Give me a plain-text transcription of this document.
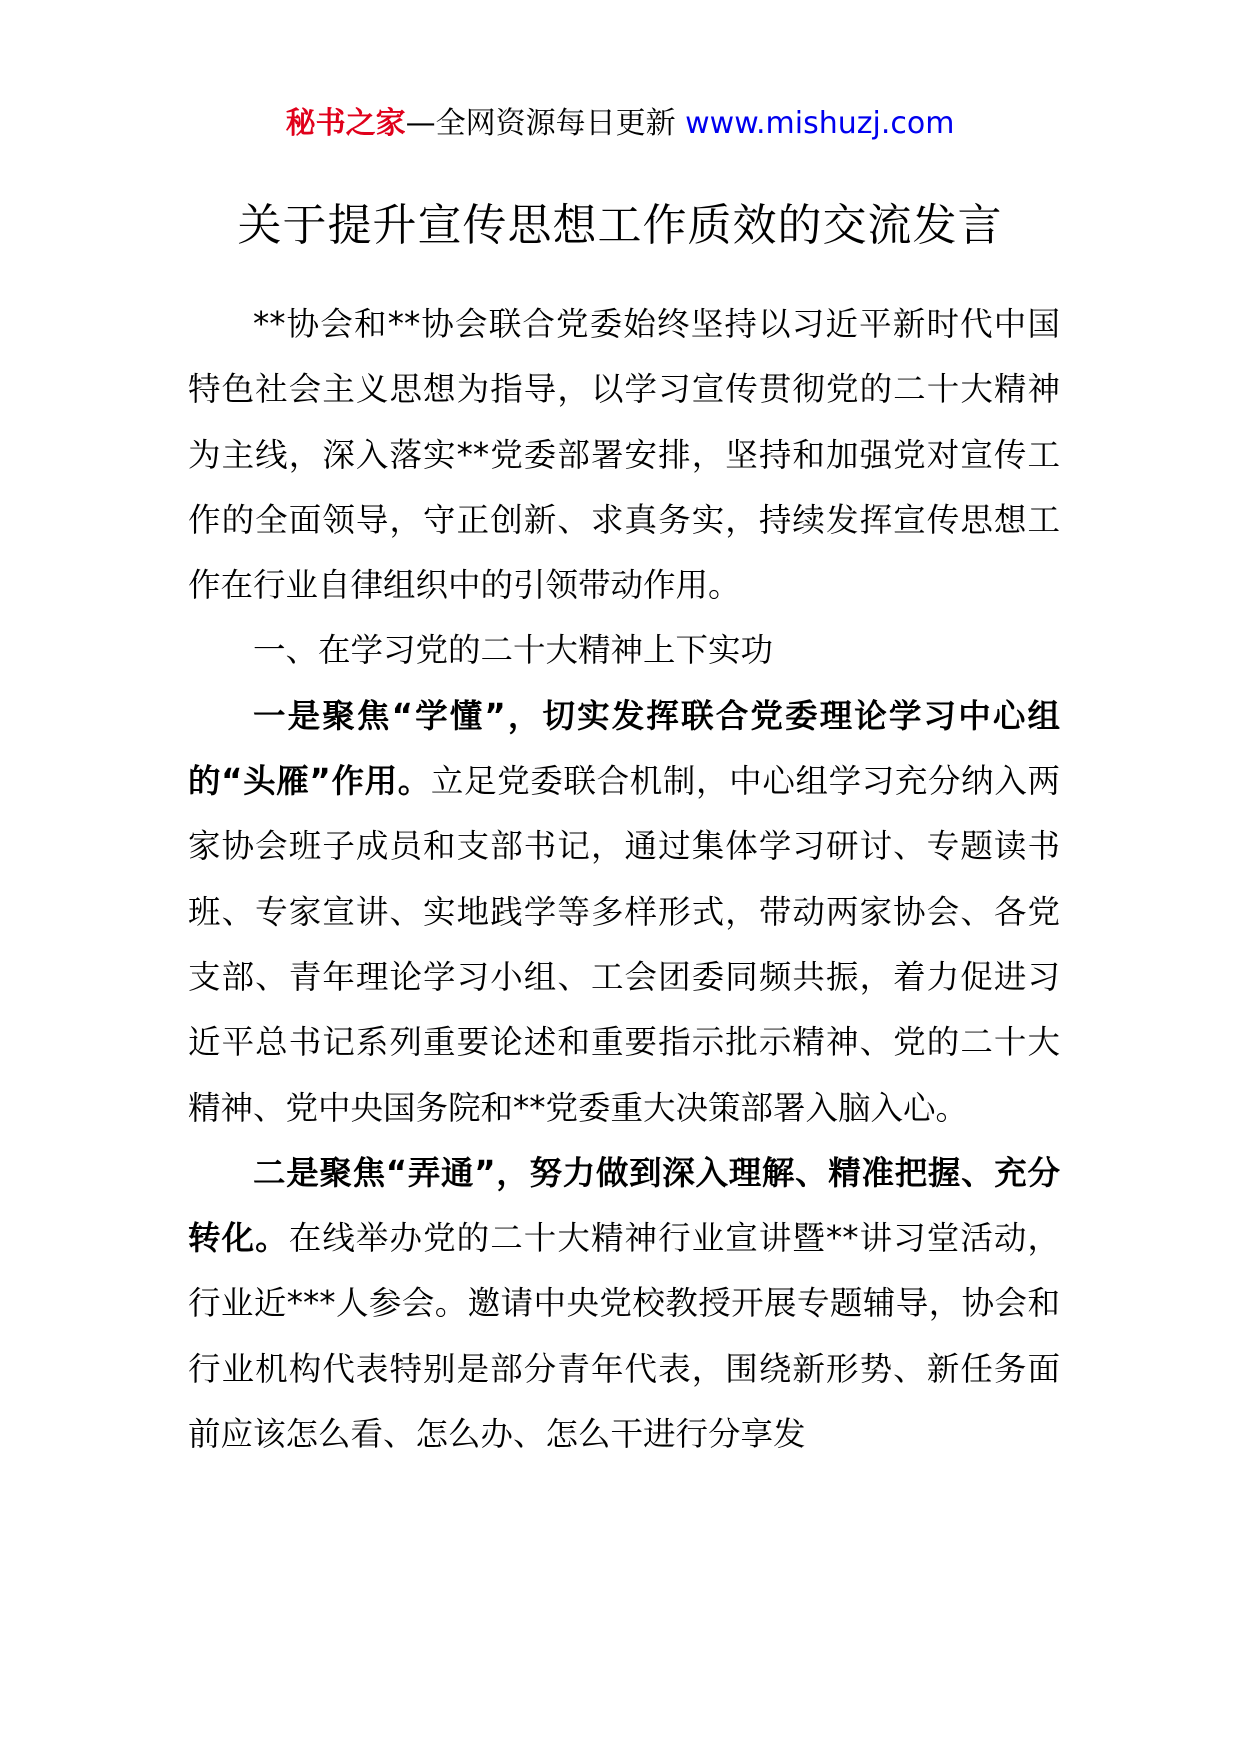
秘书之家—全网资源每日更新 www.mishuzj.com
关于提升宣传思想工作质效的交流发言

**协会和**协会联合党委始终坚持以习近平新时代中国特色社会主义思想为指导，以学习宣传贯彻党的二十大精神为主线，深入落实**党委部署安排，坚持和加强党对宣传工作的全面领导，守正创新、求真务实，持续发挥宣传思想工作在行业自律组织中的引领带动作用。

一、在学习党的二十大精神上下实功

一是聚焦“学懂”，切实发挥联合党委理论学习中心组的“头雁”作用。立足党委联合机制，中心组学习充分纳入两家协会班子成员和支部书记，通过集体学习研讨、专题读书班、专家宣讲、实地践学等多样形式，带动两家协会、各党支部、青年理论学习小组、工会团委同频共振，着力促进习近平总书记系列重要论述和重要指示批示精神、党的二十大精神、党中央国务院和**党委重大决策部署入脑入心。

二是聚焦“弄通”，努力做到深入理解、精准把握、充分转化。在线举办党的二十大精神行业宣讲暨**讲习堂活动，行业近***人参会。邀请中央党校教授开展专题辅导，协会和行业机构代表特别是部分青年代表，围绕新形势、新任务面前应该怎么看、怎么办、怎么干进行分享发
